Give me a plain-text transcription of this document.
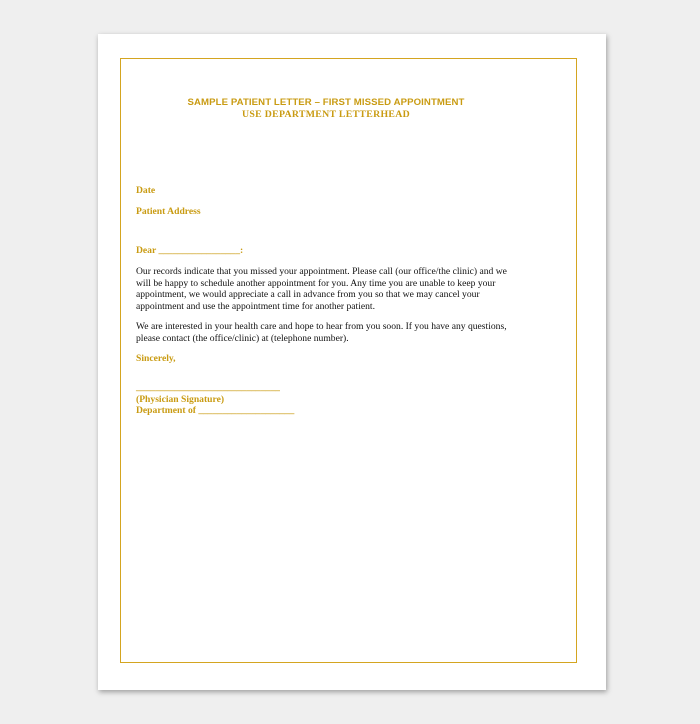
SAMPLE PATIENT LETTER – FIRST MISSED APPOINTMENT
USE DEPARTMENT LETTERHEAD
Date
Patient Address
Dear _________________:
Our records indicate that you missed your appointment. Please call (our office/the clinic) and we will be happy to schedule another appointment for you. Any time you are unable to keep your appointment, we would appreciate a call in advance from you so that we may cancel your appointment and use the appointment time for another patient.
We are interested in your health care and hope to hear from you soon. If you have any questions, please contact (the office/clinic) at (telephone number).
Sincerely,
______________________________
(Physician Signature)
Department of ____________________
